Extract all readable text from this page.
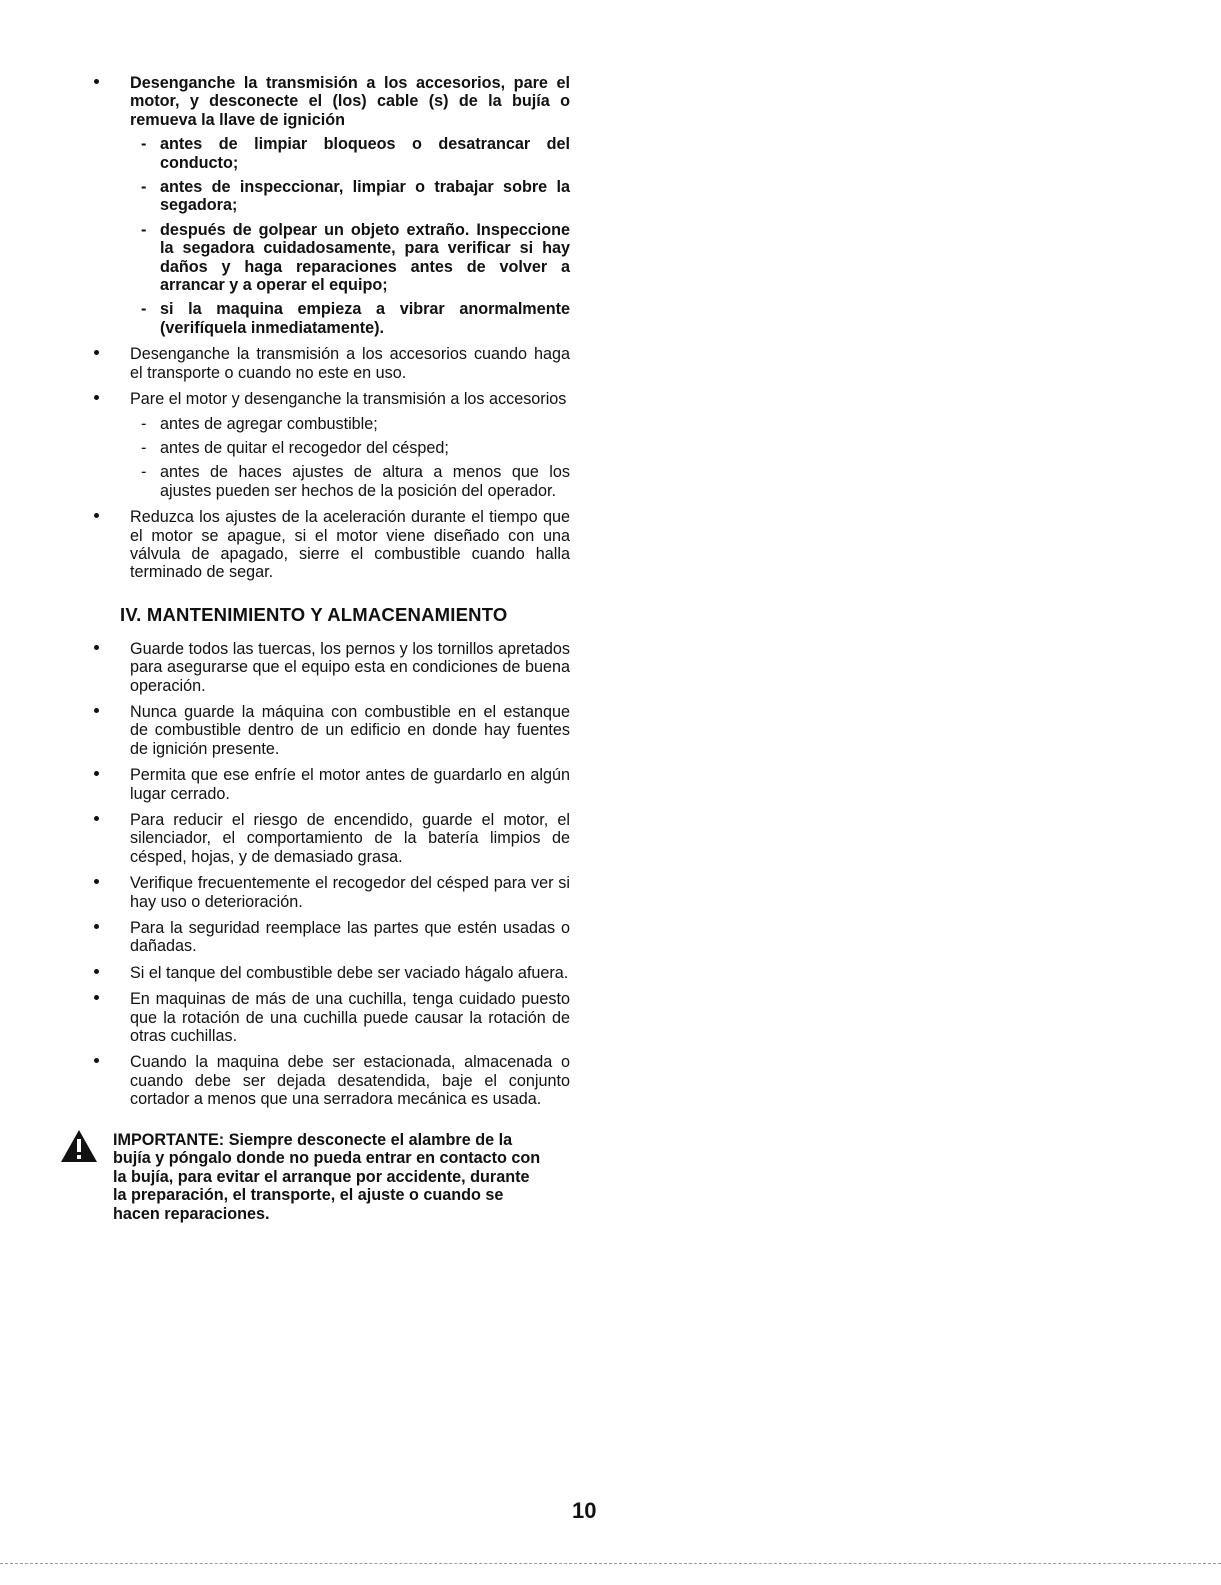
Desenganche la transmisión a los accesorios, pare el motor, y desconecte el (los) cable (s) de la bujía o remueva la llave de ignición
- antes de limpiar bloqueos o desatrancar del conducto;
- antes de inspeccionar, limpiar o trabajar sobre la segadora;
- después de golpear un objeto extraño. Inspeccione la segadora cuidadosamente, para verificar si hay daños y haga reparaciones antes de volver a arrancar y a operar el equipo;
- si la maquina empieza a vibrar anormalmente (verifíquela inmediatamente).
Desenganche la transmisión a los accesorios cuando haga el transporte o cuando no este en uso.
Pare el motor y desenganche la transmisión a los accesorios
- antes de agregar combustible;
- antes de quitar el recogedor del césped;
- antes de haces ajustes de altura a menos que los ajustes pueden ser hechos de la posición del operador.
Reduzca los ajustes de la aceleración durante el tiempo que el motor se apague, si el motor viene diseñado con una válvula de apagado, sierre el combustible cuando halla terminado de segar.
IV. MANTENIMIENTO Y ALMACENAMIENTO
Guarde todos las tuercas, los pernos y los tornillos apretados para asegurarse que el equipo esta en condiciones de buena operación.
Nunca guarde la máquina con combustible en el estanque de combustible dentro de un edificio en donde hay fuentes de ignición presente.
Permita que ese enfríe el motor antes de guardarlo en algún lugar cerrado.
Para reducir el riesgo de encendido, guarde el motor, el silenciador, el comportamiento de la batería limpios de césped, hojas, y de demasiado grasa.
Verifique frecuentemente el recogedor del césped para ver si hay uso o deterioración.
Para la seguridad reemplace las partes que estén usadas o dañadas.
Si el tanque del combustible debe ser vaciado hágalo afuera.
En maquinas de más de una cuchilla, tenga cuidado puesto que la rotación de una cuchilla puede causar la rotación de otras cuchillas.
Cuando la maquina debe ser estacionada, almacenada o cuando debe ser dejada desatendida, baje el conjunto cortador a menos que una serradora mecánica es usada.
IMPORTANTE: Siempre desconecte el alambre de la bujía y póngalo donde no pueda entrar en contacto con la bujía, para evitar el arranque por accidente, durante la preparación, el transporte, el ajuste o cuando se hacen reparaciones.
10
